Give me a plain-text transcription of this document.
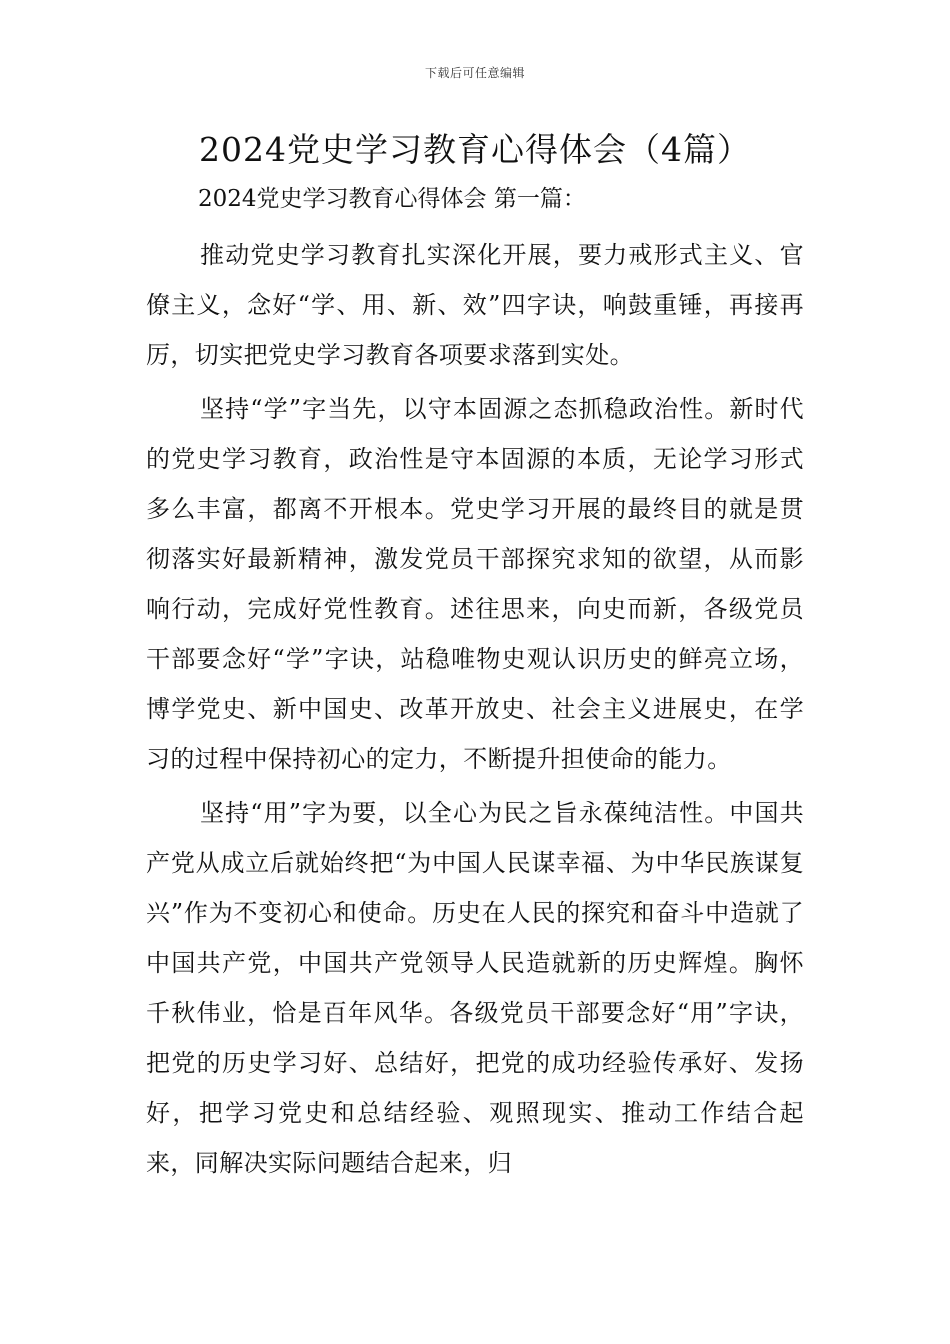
下载后可任意编辑
2024党史学习教育心得体会（4篇）
2024党史学习教育心得体会 第一篇：

推动党史学习教育扎实深化开展，要力戒形式主义、官僚主义，念好“学、用、新、效”四字诀，响鼓重锤，再接再厉，切实把党史学习教育各项要求落到实处。

坚持“学”字当先，以守本固源之态抓稳政治性。新时代的党史学习教育，政治性是守本固源的本质，无论学习形式多么丰富，都离不开根本。党史学习开展的最终目的就是贯彻落实好最新精神，激发党员干部探究求知的欲望，从而影响行动，完成好党性教育。述往思来，向史而新，各级党员干部要念好“学”字诀，站稳唯物史观认识历史的鲜亮立场，博学党史、新中国史、改革开放史、社会主义进展史，在学习的过程中保持初心的定力，不断提升担使命的能力。

坚持“用”字为要，以全心为民之旨永葆纯洁性。中国共产党从成立后就始终把“为中国人民谋幸福、为中华民族谋复兴”作为不变初心和使命。历史在人民的探究和奋斗中造就了中国共产党，中国共产党领导人民造就新的历史辉煌。胸怀千秋伟业，恰是百年风华。各级党员干部要念好“用”字诀，把党的历史学习好、总结好，把党的成功经验传承好、发扬好，把学习党史和总结经验、观照现实、推动工作结合起来，同解决实际问题结合起来，归
